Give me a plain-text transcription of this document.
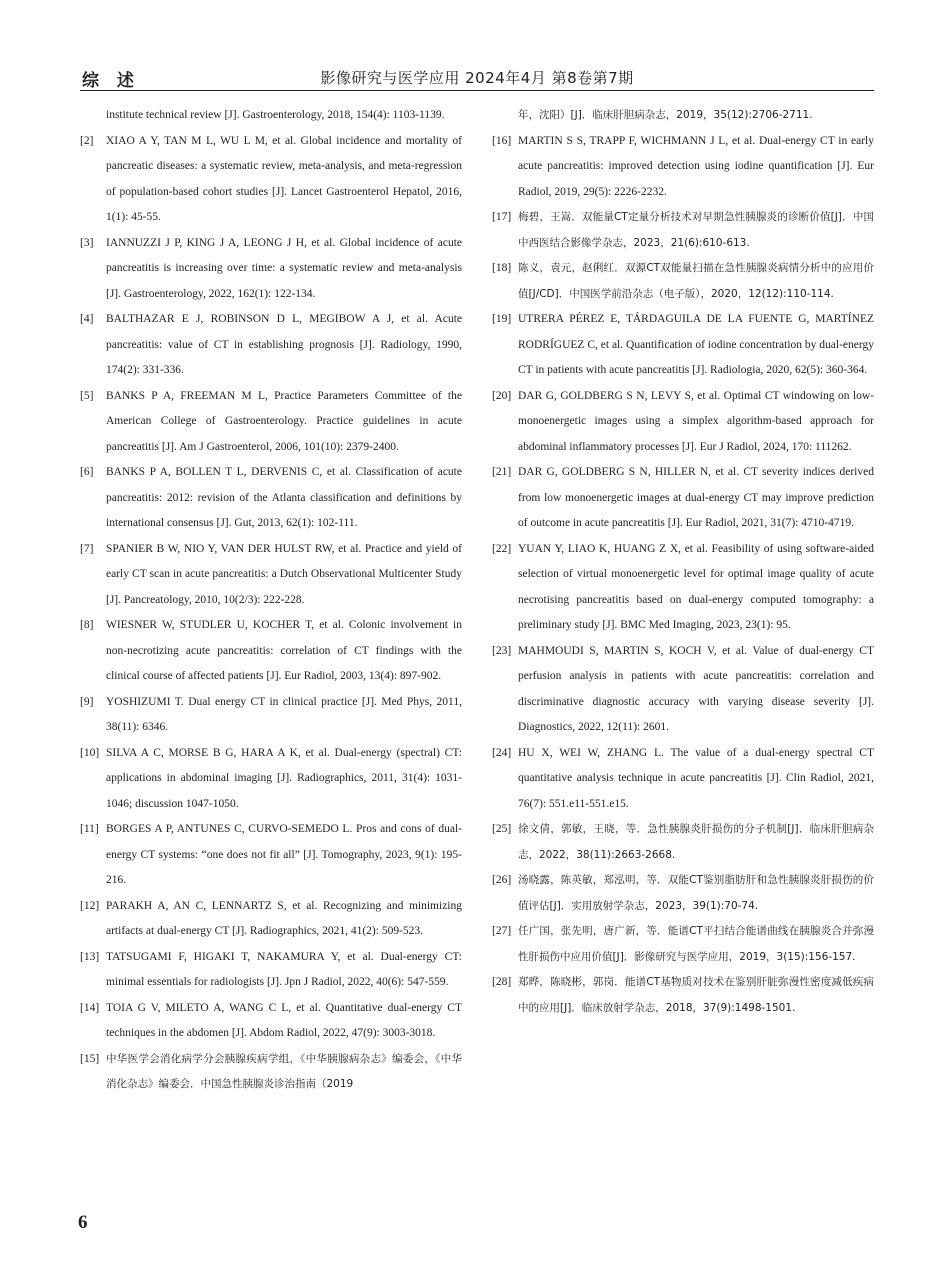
综 述	影像研究与医学应用 2024年4月 第8卷第7期
institute technical review [J]. Gastroenterology, 2018, 154(4): 1103-1139.
[2] XIAO A Y, TAN M L, WU L M, et al. Global incidence and mortality of pancreatic diseases: a systematic review, meta-analysis, and meta-regression of population-based cohort studies [J]. Lancet Gastroenterol Hepatol, 2016, 1(1): 45-55.
[3] IANNUZZI J P, KING J A, LEONG J H, et al. Global incidence of acute pancreatitis is increasing over time: a systematic review and meta-analysis [J]. Gastroenterology, 2022, 162(1): 122-134.
[4] BALTHAZAR E J, ROBINSON D L, MEGIBOW A J, et al. Acute pancreatitis: value of CT in establishing prognosis [J]. Radiology, 1990, 174(2): 331-336.
[5] BANKS P A, FREEMAN M L, Practice Parameters Committee of the American College of Gastroenterology. Practice guidelines in acute pancreatitis [J]. Am J Gastroenterol, 2006, 101(10): 2379-2400.
[6] BANKS P A, BOLLEN T L, DERVENIS C, et al. Classification of acute pancreatitis: 2012: revision of the Atlanta classification and definitions by international consensus [J]. Gut, 2013, 62(1): 102-111.
[7] SPANIER B W, NIO Y, VAN DER HULST RW, et al. Practice and yield of early CT scan in acute pancreatitis: a Dutch Observational Multicenter Study [J]. Pancreatology, 2010, 10(2/3): 222-228.
[8] WIESNER W, STUDLER U, KOCHER T, et al. Colonic involvement in non-necrotizing acute pancreatitis: correlation of CT findings with the clinical course of affected patients [J]. Eur Radiol, 2003, 13(4): 897-902.
[9] YOSHIZUMI T. Dual energy CT in clinical practice [J]. Med Phys, 2011, 38(11): 6346.
[10] SILVA A C, MORSE B G, HARA A K, et al. Dual-energy (spectral) CT: applications in abdominal imaging [J]. Radiographics, 2011, 31(4): 1031-1046; discussion 1047-1050.
[11] BORGES A P, ANTUNES C, CURVO-SEMEDO L. Pros and cons of dual-energy CT systems: “one does not fit all” [J]. Tomography, 2023, 9(1): 195-216.
[12] PARAKH A, AN C, LENNARTZ S, et al. Recognizing and minimizing artifacts at dual-energy CT [J]. Radiographics, 2021, 41(2): 509-523.
[13] TATSUGAMI F, HIGAKI T, NAKAMURA Y, et al. Dual-energy CT: minimal essentials for radiologists [J]. Jpn J Radiol, 2022, 40(6): 547-559.
[14] TOIA G V, MILETO A, WANG C L, et al. Quantitative dual-energy CT techniques in the abdomen [J]. Abdom Radiol, 2022, 47(9): 3003-3018.
[15] 中华医学会消化病学分会胰腺疾病学组，《中华胰腺病杂志》编委会，《中华消化杂志》编委会．中国急性胰腺炎诊治指南（2019
年，沈阳）[J]．临床肝胆病杂志，2019，35(12):2706-2711.
[16] MARTIN S S, TRAPP F, WICHMANN J L, et al. Dual-energy CT in early acute pancreatitis: improved detection using iodine quantification [J]. Eur Radiol, 2019, 29(5): 2226-2232.
[17] 梅碧，王嵩．双能量CT定量分析技术对早期急性胰腺炎的诊断价值[J]．中国中西医结合影像学杂志，2023，21(6):610-613.
[18] 陈义，袁元，赵俐红．双源CT双能量扫描在急性胰腺炎病情分析中的应用价值[J/CD]．中国医学前沿杂志（电子版），2020，12(12):110-114.
[19] UTRERA PÉREZ E, TÁRDAGUILA DE LA FUENTE G, MARTÍNEZ RODRÍGUEZ C, et al. Quantification of iodine concentration by dual-energy CT in patients with acute pancreatitis [J]. Radiologia, 2020, 62(5): 360-364.
[20] DAR G, GOLDBERG S N, LEVY S, et al. Optimal CT windowing on low-monoenergetic images using a simplex algorithm-based approach for abdominal inflammatory processes [J]. Eur J Radiol, 2024, 170: 111262.
[21] DAR G, GOLDBERG S N, HILLER N, et al. CT severity indices derived from low monoenergetic images at dual-energy CT may improve prediction of outcome in acute pancreatitis [J]. Eur Radiol, 2021, 31(7): 4710-4719.
[22] YUAN Y, LIAO K, HUANG Z X, et al. Feasibility of using software-aided selection of virtual monoenergetic level for optimal image quality of acute necrotising pancreatitis based on dual-energy computed tomography: a preliminary study [J]. BMC Med Imaging, 2023, 23(1): 95.
[23] MAHMOUDI S, MARTIN S, KOCH V, et al. Value of dual-energy CT perfusion analysis in patients with acute pancreatitis: correlation and discriminative diagnostic accuracy with varying disease severity [J]. Diagnostics, 2022, 12(11): 2601.
[24] HU X, WEI W, ZHANG L. The value of a dual-energy spectral CT quantitative analysis technique in acute pancreatitis [J]. Clin Radiol, 2021, 76(7): 551.e11-551.e15.
[25] 徐文倩，郭敏，王晓，等．急性胰腺炎肝损伤的分子机制[J]．临床肝胆病杂志，2022，38(11):2663-2668.
[26] 汤晓露，陈英敏，郑泓明，等．双能CT鉴别脂肪肝和急性胰腺炎肝损伤的价值评估[J]．实用放射学杂志，2023，39(1):70-74.
[27] 任广国，张先明，唐广新，等．能谱CT平扫结合能谱曲线在胰腺炎合并弥漫性肝损伤中应用价值[J]．影像研究与医学应用，2019，3(15):156-157.
[28] 郑晔，陈晓彬，郭岗．能谱CT基物质对技术在鉴别肝脏弥漫性密度减低疾病中的应用[J]．临床放射学杂志，2018，37(9):1498-1501.
6
